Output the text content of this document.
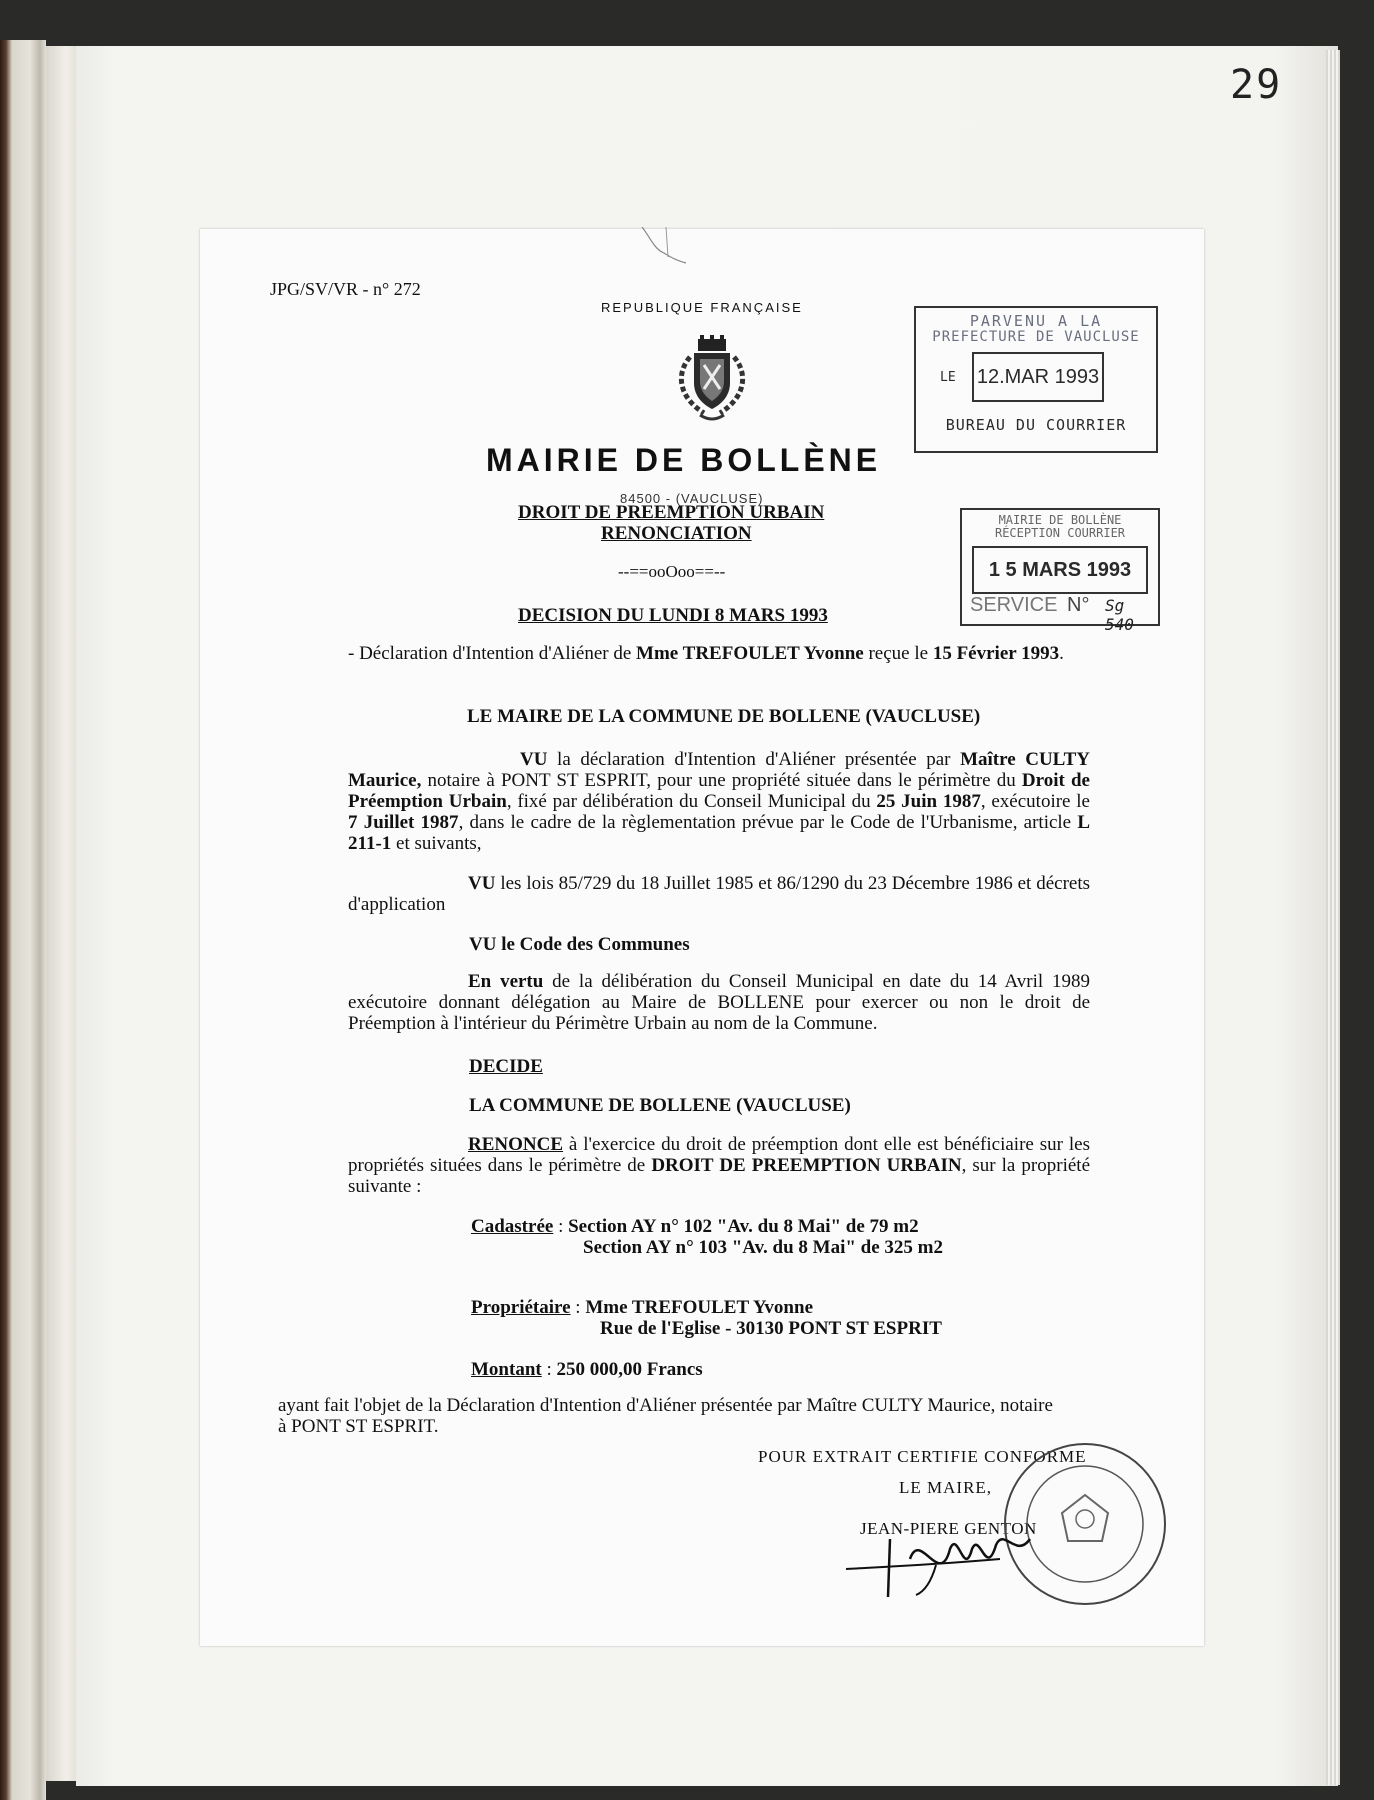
29
JPG/SV/VR - n° 272
REPUBLIQUE FRANÇAISE
MAIRIE DE BOLLÈNE
84500 - (VAUCLUSE)
DROIT DE PREEMPTION URBAIN
RENONCIATION
--==ooOoo==--
DECISION DU LUNDI 8 MARS 1993
- Déclaration d'Intention d'Aliéner de Mme TREFOULET Yvonne reçue le 15 Février 1993.
LE MAIRE DE LA COMMUNE DE BOLLENE (VAUCLUSE)
VU la déclaration d'Intention d'Aliéner présentée par Maître CULTY Maurice, notaire à PONT ST ESPRIT, pour une propriété située dans le périmètre du Droit de Préemption Urbain, fixé par délibération du Conseil Municipal du 25 Juin 1987, exécutoire le 7 Juillet 1987, dans le cadre de la règlementation prévue par le Code de l'Urbanisme, article L 211-1 et suivants,
VU les lois 85/729 du 18 Juillet 1985 et 86/1290 du 23 Décembre 1986 et décrets d'application
VU le Code des Communes
En vertu de la délibération du Conseil Municipal en date du 14 Avril 1989 exécutoire donnant délégation au Maire de BOLLENE pour exercer ou non le droit de Préemption à l'intérieur du Périmètre Urbain au nom de la Commune.
DECIDE
LA COMMUNE DE BOLLENE (VAUCLUSE)
RENONCE à l'exercice du droit de préemption dont elle est bénéficiaire sur les propriétés situées dans le périmètre de DROIT DE PREEMPTION URBAIN, sur la propriété suivante :
Cadastrée : Section AY n° 102 "Av. du 8 Mai" de 79 m2
Section AY n° 103 "Av. du 8 Mai" de 325 m2
Propriétaire : Mme TREFOULET Yvonne
Rue de l'Eglise - 30130 PONT ST ESPRIT
Montant : 250 000,00 Francs
ayant fait l'objet de la Déclaration d'Intention d'Aliéner présentée par Maître CULTY Maurice, notaire à PONT ST ESPRIT.
POUR EXTRAIT CERTIFIE CONFORME
LE MAIRE,
JEAN-PIERE GENTON
PARVENU A LA
PREFECTURE DE VAUCLUSE
LE 12.MAR 1993
BUREAU DU COURRIER
MAIRIE DE BOLLÈNE
RÉCEPTION COURRIER
1 5 MARS 1993
SERVICE N° Sg 540
